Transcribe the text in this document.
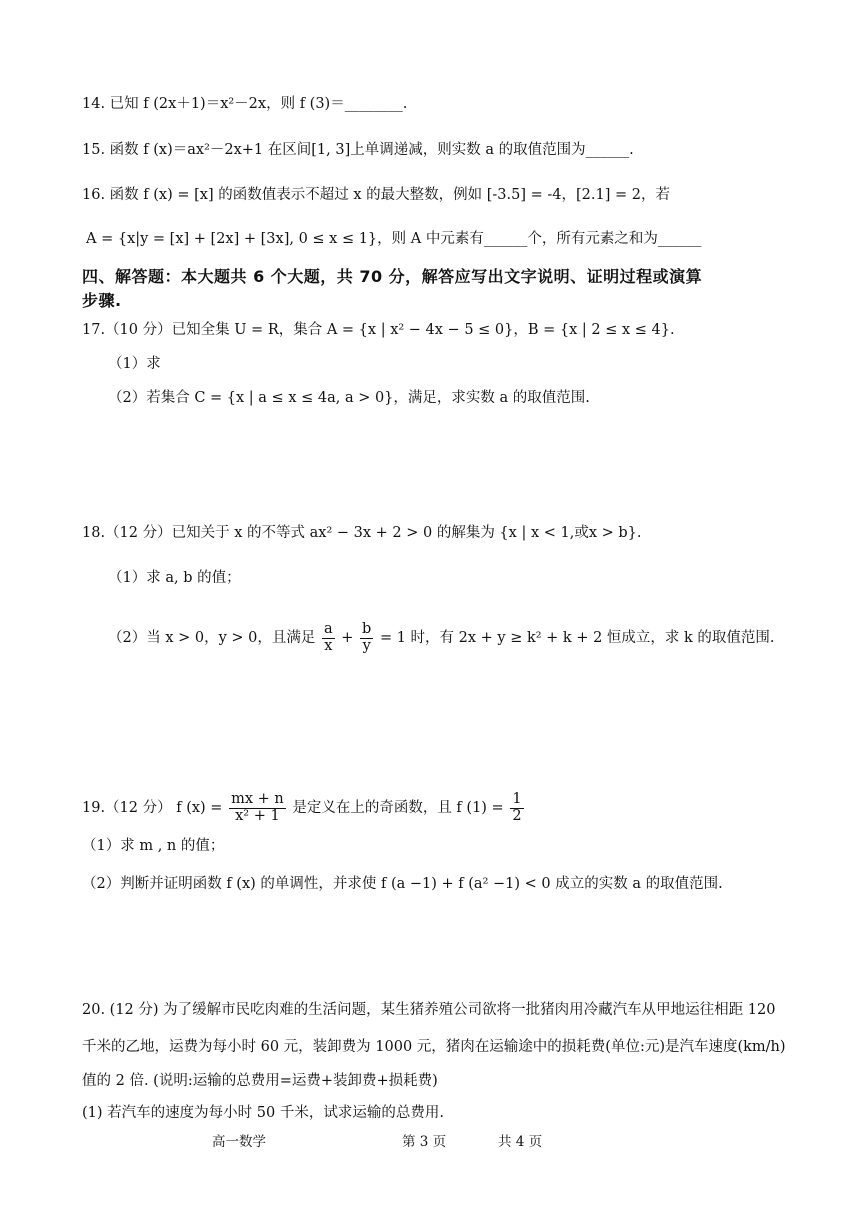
14. 已知 f (2x＋1)＝x²－2x，则 f (3)＝________.
15. 函数 f (x)＝ax²－2x+1 在区间[1, 3]上单调递减，则实数 a 的取值范围为______.
16. 函数 f (x) = [x] 的函数值表示不超过 x 的最大整数，例如 [-3.5] = -4，[2.1] = 2，若
A = {x|y = [x] + [2x] + [3x], 0 ≤ x ≤ 1}，则 A 中元素有______个，所有元素之和为______
四、解答题：本大题共 6 个大题，共 70 分，解答应写出文字说明、证明过程或演算
步骤.
17.（10 分）已知全集 U = R，集合 A = {x | x² − 4x − 5 ≤ 0}，B = {x | 2 ≤ x ≤ 4}.
（1）求
（2）若集合 C = {x | a ≤ x ≤ 4a, a > 0}，满足，求实数 a 的取值范围.
18.（12 分）已知关于 x 的不等式 ax² − 3x + 2 > 0 的解集为 {x | x < 1,或x > b}.
（1）求 a, b 的值；
（2）当 x > 0，y > 0，且满足 $\frac{a}{x} + \frac{b}{y} = 1$ 时，有 2x + y ≥ k² + k + 2 恒成立，求 k 的取值范围.
19.（12 分） f $(x) = \frac{mx + n}{\text{x² + 1}}$ 是定义在上的奇函数，且 f $(1) = \frac{1}{2}$
（1）求 m , n 的值；
（2）判断并证明函数 f (x) 的单调性，并求使 f (a −1) + f (a² −1) < 0 成立的实数 a 的取值范围.
20. (12 分) 为了缓解市民吃肉难的生活问题，某生猪养殖公司欲将一批猪肉用冷藏汽车从甲地运往相距 120
千米的乙地，运费为每小时 60 元，装卸费为 1000 元，猪肉在运输途中的损耗费(单位:元)是汽车速度(km/h)
值的 2 倍. (说明:运输的总费用=运费+装卸费+损耗费)
(1) 若汽车的速度为每小时 50 千米，试求运输的总费用.
高一数学	第 3 页	共 4 页
